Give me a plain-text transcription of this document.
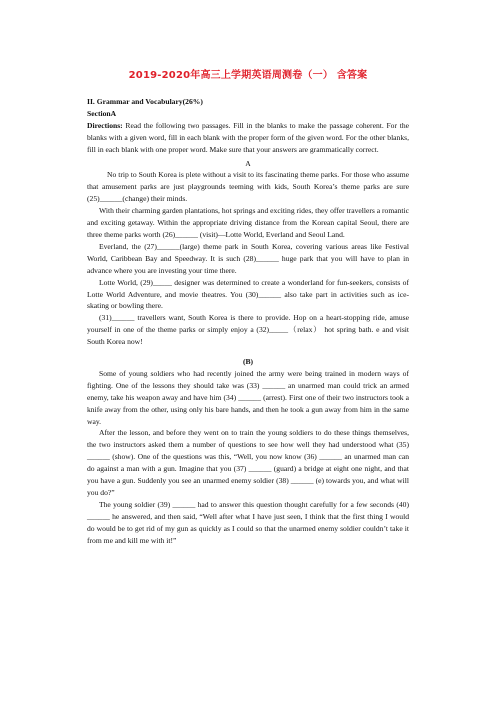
2019-2020年高三上学期英语周测卷（一） 含答案

II. Grammar and Vocabulary(26%)

SectionA

Directions: Read the following two passages. Fill in the blanks to make the passage coherent. For the blanks with a given word, fill in each blank with the proper form of the given word. For the other blanks, fill in each blank with one proper word. Make sure that your answers are grammatically correct.

A

No trip to South Korea is plete without a visit to its fascinating theme parks. For those who assume that amusement parks are just playgrounds teeming with kids, South Korea’s theme parks are sure (25)______(change) their minds.

With their charming garden plantations, hot springs and exciting rides, they offer travellers a romantic and exciting getaway. Within the appropriate driving distance from the Korean capital Seoul, there are three theme parks worth (26)______ (visit)—Lotte World, Everland and Seoul Land.

Everland, the (27)______(large) theme park in South Korea, covering various areas like Festival World, Caribbean Bay and Speedway. It is such (28)______ huge park that you will have to plan in advance where you are investing your time there.

Lotte World, (29)_____ designer was determined to create a wonderland for fun-seekers, consists of Lotte World Adventure, and movie theatres. You (30)______ also take part in activities such as ice-skating or bowling there.

(31)______ travellers want, South Korea is there to provide. Hop on a heart-stopping ride, amuse yourself in one of the theme parks or simply enjoy a (32)_____（relax） hot spring bath. e and visit South Korea now!

(B)

Some of young soldiers who had recently joined the army were being trained in modern ways of fighting. One of the lessons they should take was (33) ______ an unarmed man could trick an armed enemy, take his weapon away and have him (34) ______ (arrest). First one of their two instructors took a knife away from the other, using only his bare hands, and then he took a gun away from him in the same way.

After the lesson, and before they went on to train the young soldiers to do these things themselves, the two instructors asked them a number of questions to see how well they had understood what (35) ______ (show). One of the questions was this, “Well, you now know (36) ______ an unarmed man can do against a man with a gun. Imagine that you (37) ______ (guard) a bridge at eight one night, and that you have a gun. Suddenly you see an unarmed enemy soldier (38) ______ (e) towards you, and what will you do?”

The young soldier (39) ______ had to answer this question thought carefully for a few seconds (40) ______ he answered, and then said, “Well after what I have just seen, I think that the first thing I would do would be to get rid of my gun as quickly as I could so that the unarmed enemy soldier couldn’t take it from me and kill me with it!”
